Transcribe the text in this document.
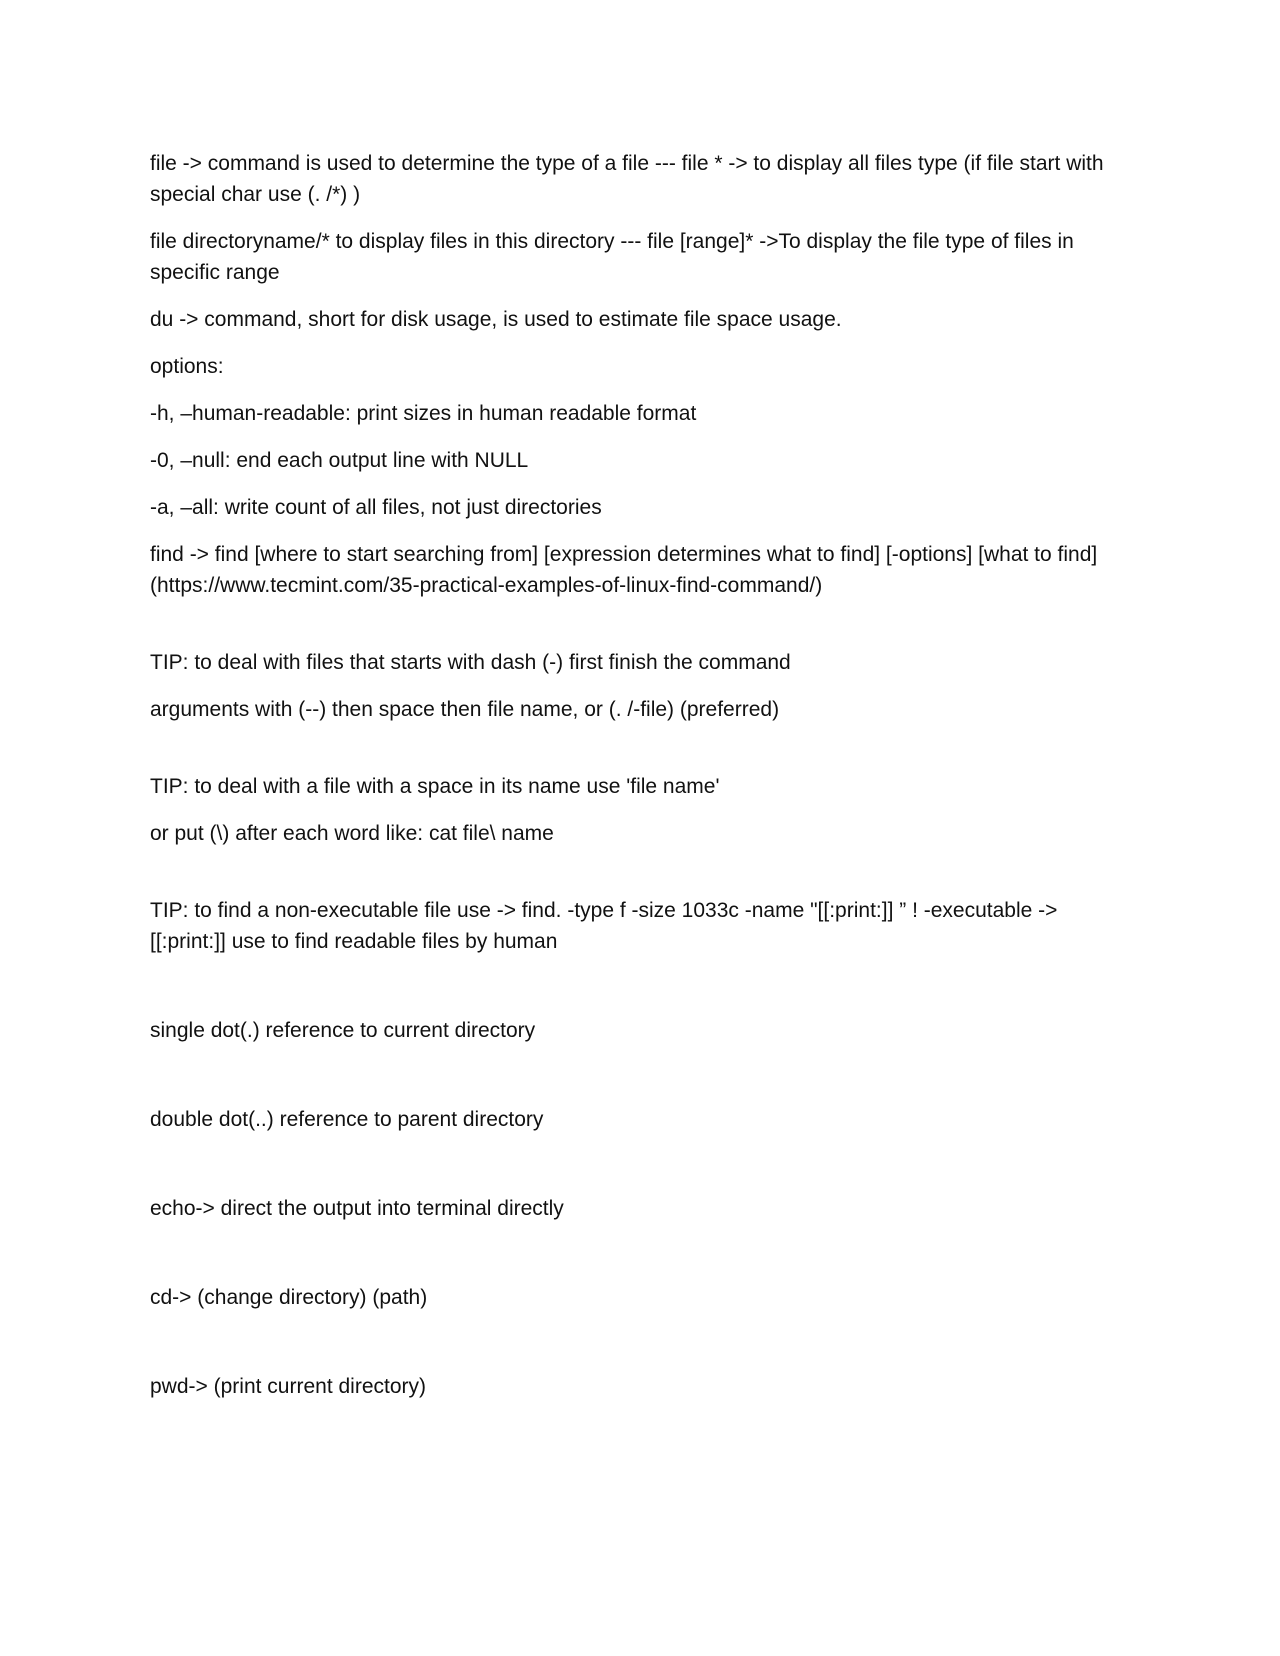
file -> command is used to determine the type of a file --- file * -> to display all files type (if file start with special char use (. /*) )

file directoryname/* to display files in this directory --- file [range]* ->To display the file type of files in specific range

du -> command, short for disk usage, is used to estimate file space usage.

options:

-h, –human-readable: print sizes in human readable format

-0, –null: end each output line with NULL

-a, –all: write count of all files, not just directories

find -> find [where to start searching from] [expression determines what to find] [-options] [what to find] (https://www.tecmint.com/35-practical-examples-of-linux-find-command/)

TIP: to deal with files that starts with dash (-) first finish the command

arguments with (--) then space then file name, or (. /-file) (preferred)

TIP: to deal with a file with a space in its name use 'file name'

or put (\) after each word like: cat file\ name

TIP: to find a non-executable file use -> find. -type f -size 1033c -name "[[:print:]] ” ! -executable -> [[:print:]] use to find readable files by human

single dot(.) reference to current directory

double dot(..) reference to parent directory

echo-> direct the output into terminal directly

cd-> (change directory) (path)

pwd-> (print current directory)
